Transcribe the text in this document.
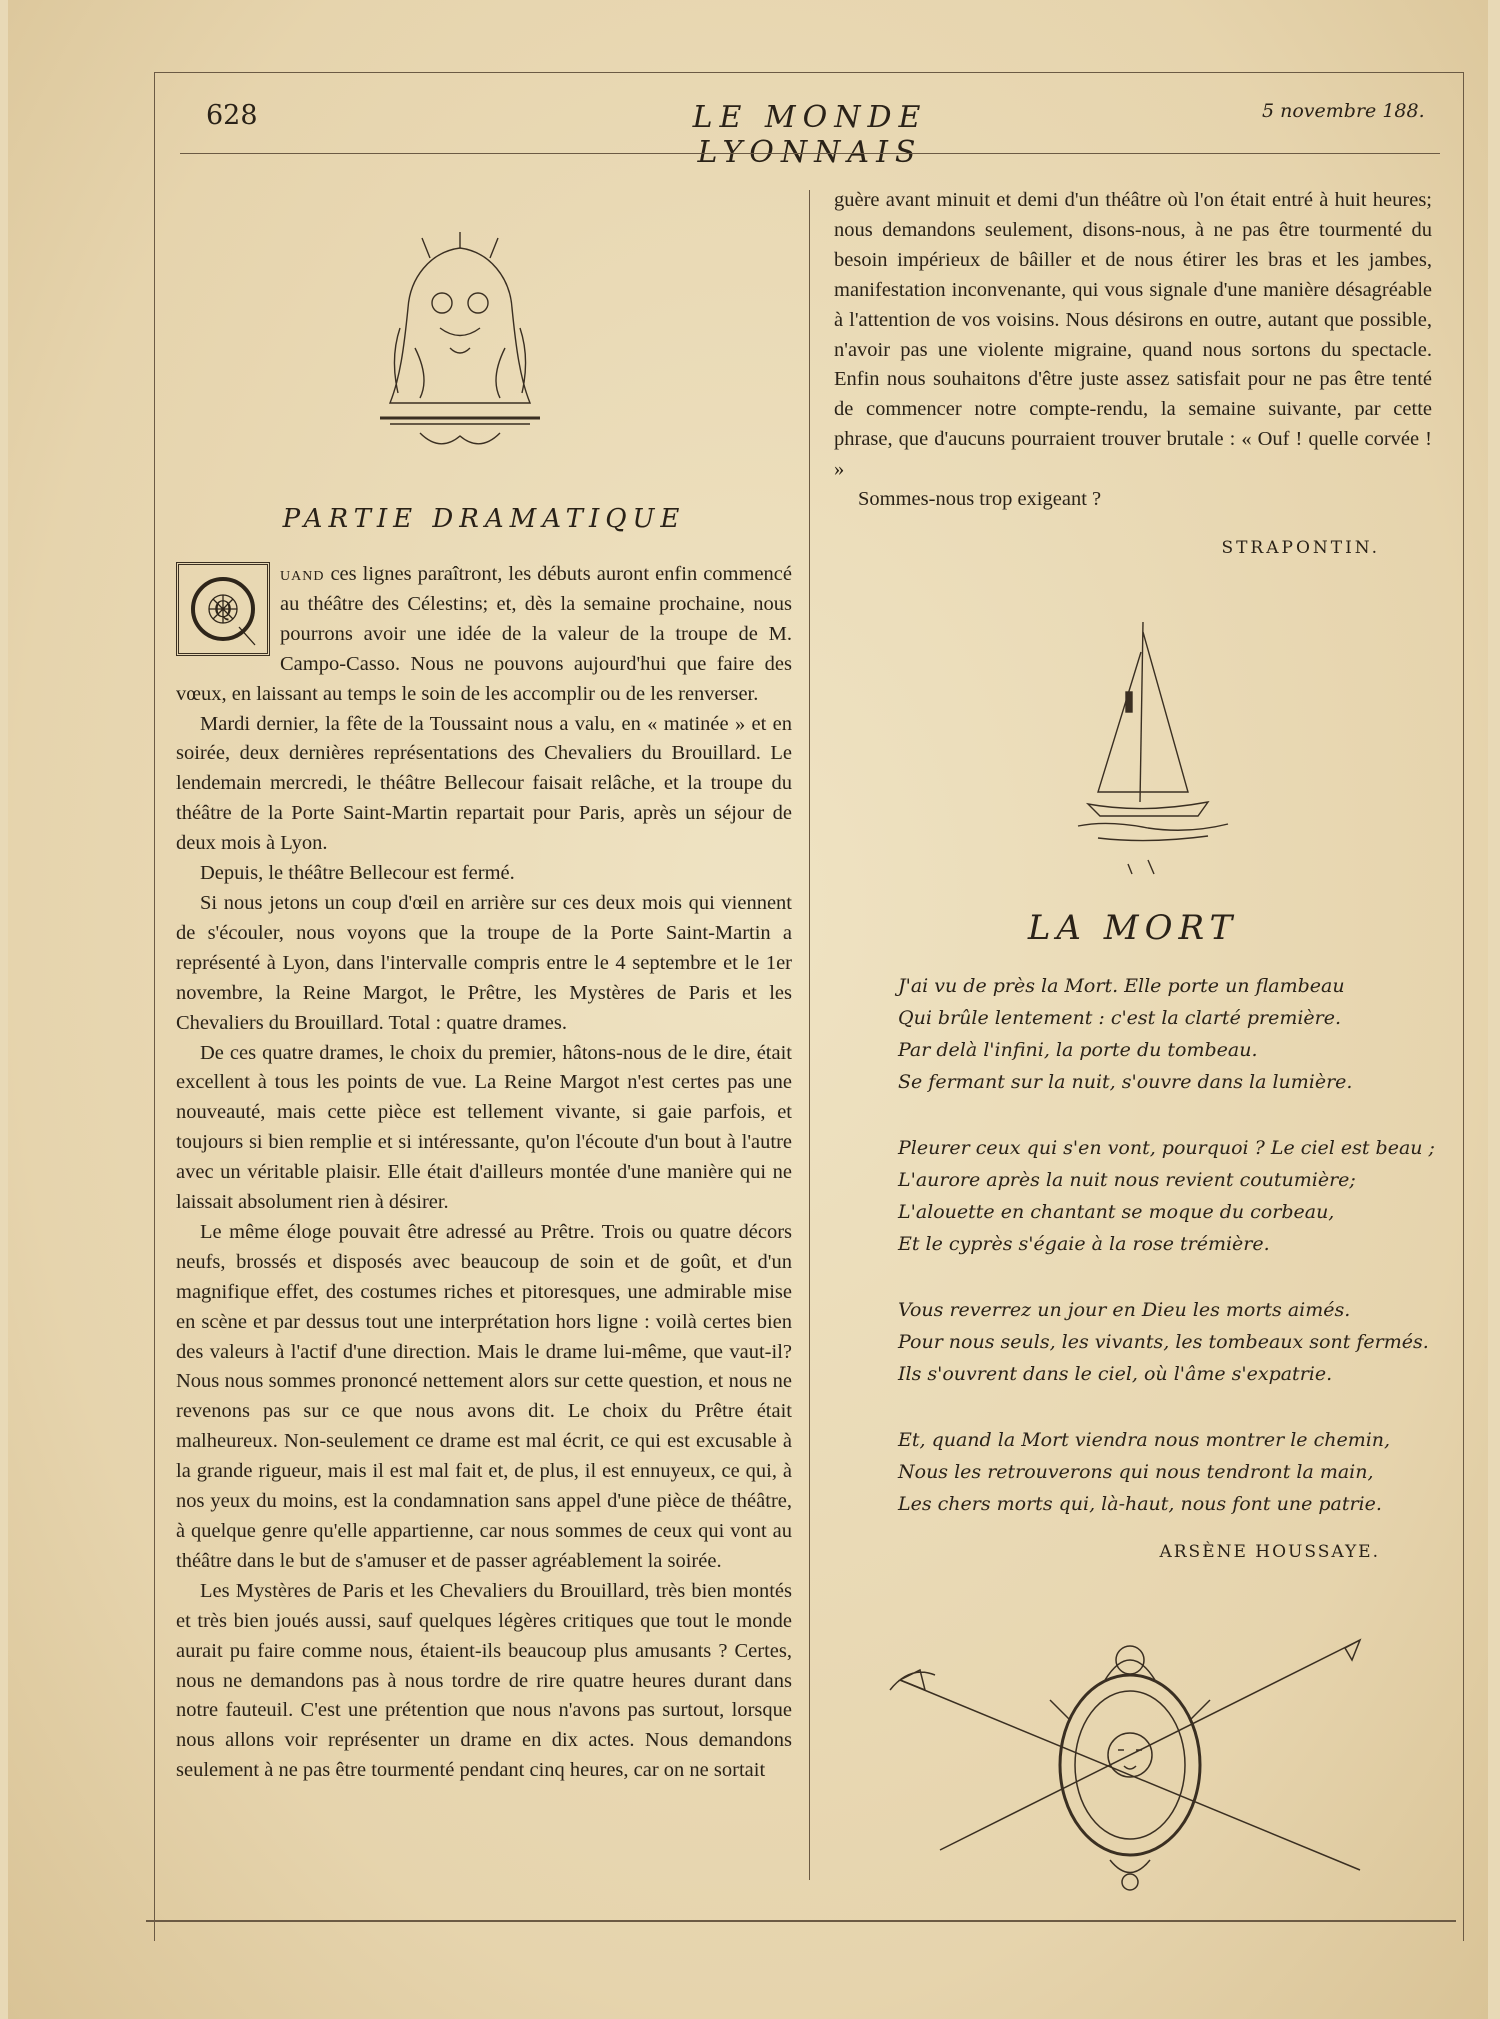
628	LE MONDE LYONNAIS
5 novembre 188.
PARTIE DRAMATIQUE

Q
uand ces lignes paraîtront, les débuts auront enfin commencé au théâtre des Célestins; et, dès la semaine prochaine, nous pourrons avoir une idée de la valeur de la troupe de M. Campo-Casso. Nous ne pouvons aujourd'hui que faire des vœux, en laissant au temps le soin de les accomplir ou de les renverser.

Mardi dernier, la fête de la Toussaint nous a valu, en « matinée » et en soirée, deux dernières représentations des Chevaliers du Brouillard. Le lendemain mercredi, le théâtre Bellecour faisait relâche, et la troupe du théâtre de la Porte Saint-Martin repartait pour Paris, après un séjour de deux mois à Lyon.

Depuis, le théâtre Bellecour est fermé.

Si nous jetons un coup d'œil en arrière sur ces deux mois qui viennent de s'écouler, nous voyons que la troupe de la Porte Saint-Martin a représenté à Lyon, dans l'intervalle compris entre le 4 septembre et le 1er novembre, la Reine Margot, le Prêtre, les Mystères de Paris et les Chevaliers du Brouillard. Total : quatre drames.

De ces quatre drames, le choix du premier, hâtons-nous de le dire, était excellent à tous les points de vue. La Reine Margot n'est certes pas une nouveauté, mais cette pièce est tellement vivante, si gaie parfois, et toujours si bien remplie et si intéressante, qu'on l'écoute d'un bout à l'autre avec un véritable plaisir. Elle était d'ailleurs montée d'une manière qui ne laissait absolument rien à désirer.

Le même éloge pouvait être adressé au Prêtre. Trois ou quatre décors neufs, brossés et disposés avec beaucoup de soin et de goût, et d'un magnifique effet, des costumes riches et pitoresques, une admirable mise en scène et par dessus tout une interprétation hors ligne : voilà certes bien des valeurs à l'actif d'une direction. Mais le drame lui-même, que vaut-il? Nous nous sommes prononcé nettement alors sur cette question, et nous ne revenons pas sur ce que nous avons dit. Le choix du Prêtre était malheureux. Non-seulement ce drame est mal écrit, ce qui est excusable à la grande rigueur, mais il est mal fait et, de plus, il est ennuyeux, ce qui, à nos yeux du moins, est la condamnation sans appel d'une pièce de théâtre, à quelque genre qu'elle appartienne, car nous sommes de ceux qui vont au théâtre dans le but de s'amuser et de passer agréablement la soirée.

Les Mystères de Paris et les Chevaliers du Brouillard, très bien montés et très bien joués aussi, sauf quelques légères critiques que tout le monde aurait pu faire comme nous, étaient-ils beaucoup plus amusants ? Certes, nous ne demandons pas à nous tordre de rire quatre heures durant dans notre fauteuil. C'est une prétention que nous n'avons pas surtout, lorsque nous allons voir représenter un drame en dix actes. Nous demandons seulement à ne pas être tourmenté pendant cinq heures, car on ne sortait

guère avant minuit et demi d'un théâtre où l'on était entré à huit heures; nous demandons seulement, disons-nous, à ne pas être tourmenté du besoin impérieux de bâiller et de nous étirer les bras et les jambes, manifestation inconvenante, qui vous signale d'une manière désagréable à l'attention de vos voisins. Nous désirons en outre, autant que possible, n'avoir pas une violente migraine, quand nous sortons du spectacle. Enfin nous souhaitons d'être juste assez satisfait pour ne pas être tenté de commencer notre compte-rendu, la semaine suivante, par cette phrase, que d'aucuns pourraient trouver brutale : « Ouf ! quelle corvée ! »

Sommes-nous trop exigeant ?

STRAPONTIN.
LA MORT
J'ai vu de près la Mort. Elle porte un flambeau
Qui brûle lentement : c'est la clarté première.
Par delà l'infini, la porte du tombeau.
Se fermant sur la nuit, s'ouvre dans la lumière.
Pleurer ceux qui s'en vont, pourquoi ? Le ciel est beau ;
L'aurore après la nuit nous revient coutumière;
L'alouette en chantant se moque du corbeau,
Et le cyprès s'égaie à la rose trémière.
Vous reverrez un jour en Dieu les morts aimés.
Pour nous seuls, les vivants, les tombeaux sont fermés.
Ils s'ouvrent dans le ciel, où l'âme s'expatrie.
Et, quand la Mort viendra nous montrer le chemin,
Nous les retrouverons qui nous tendront la main,
Les chers morts qui, là-haut, nous font une patrie.
ARSÈNE HOUSSAYE.
